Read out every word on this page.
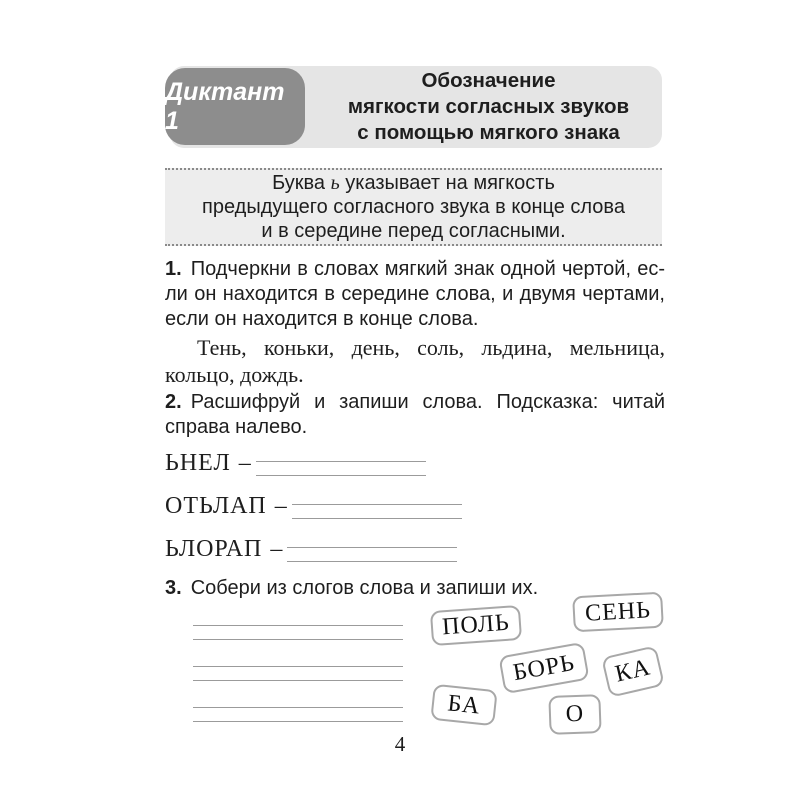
Обозначение
мягкости согласных звуков
с помощью мягкого знака
Диктант 1
Буква ь указывает на мягкость
предыдущего согласного звука в конце слова
и в середине перед согласными.
1. Подчеркни в словах мягкий знак одной чертой, если он находится в середине слова, и двумя чертами, если он находится в конце слова.
Тень, коньки, день, соль, льдина, мельница, кольцо, дождь.
2. Расшифруй и запиши слова. Подсказка: читай справа налево.
ЬНЕЛ –
ОТЬЛАП –
ЬЛОРАП –
3. Собери из слогов слова и запиши их.
ПОЛЬ	СЕНЬ
БОРЬ	КА
БА	О
4
